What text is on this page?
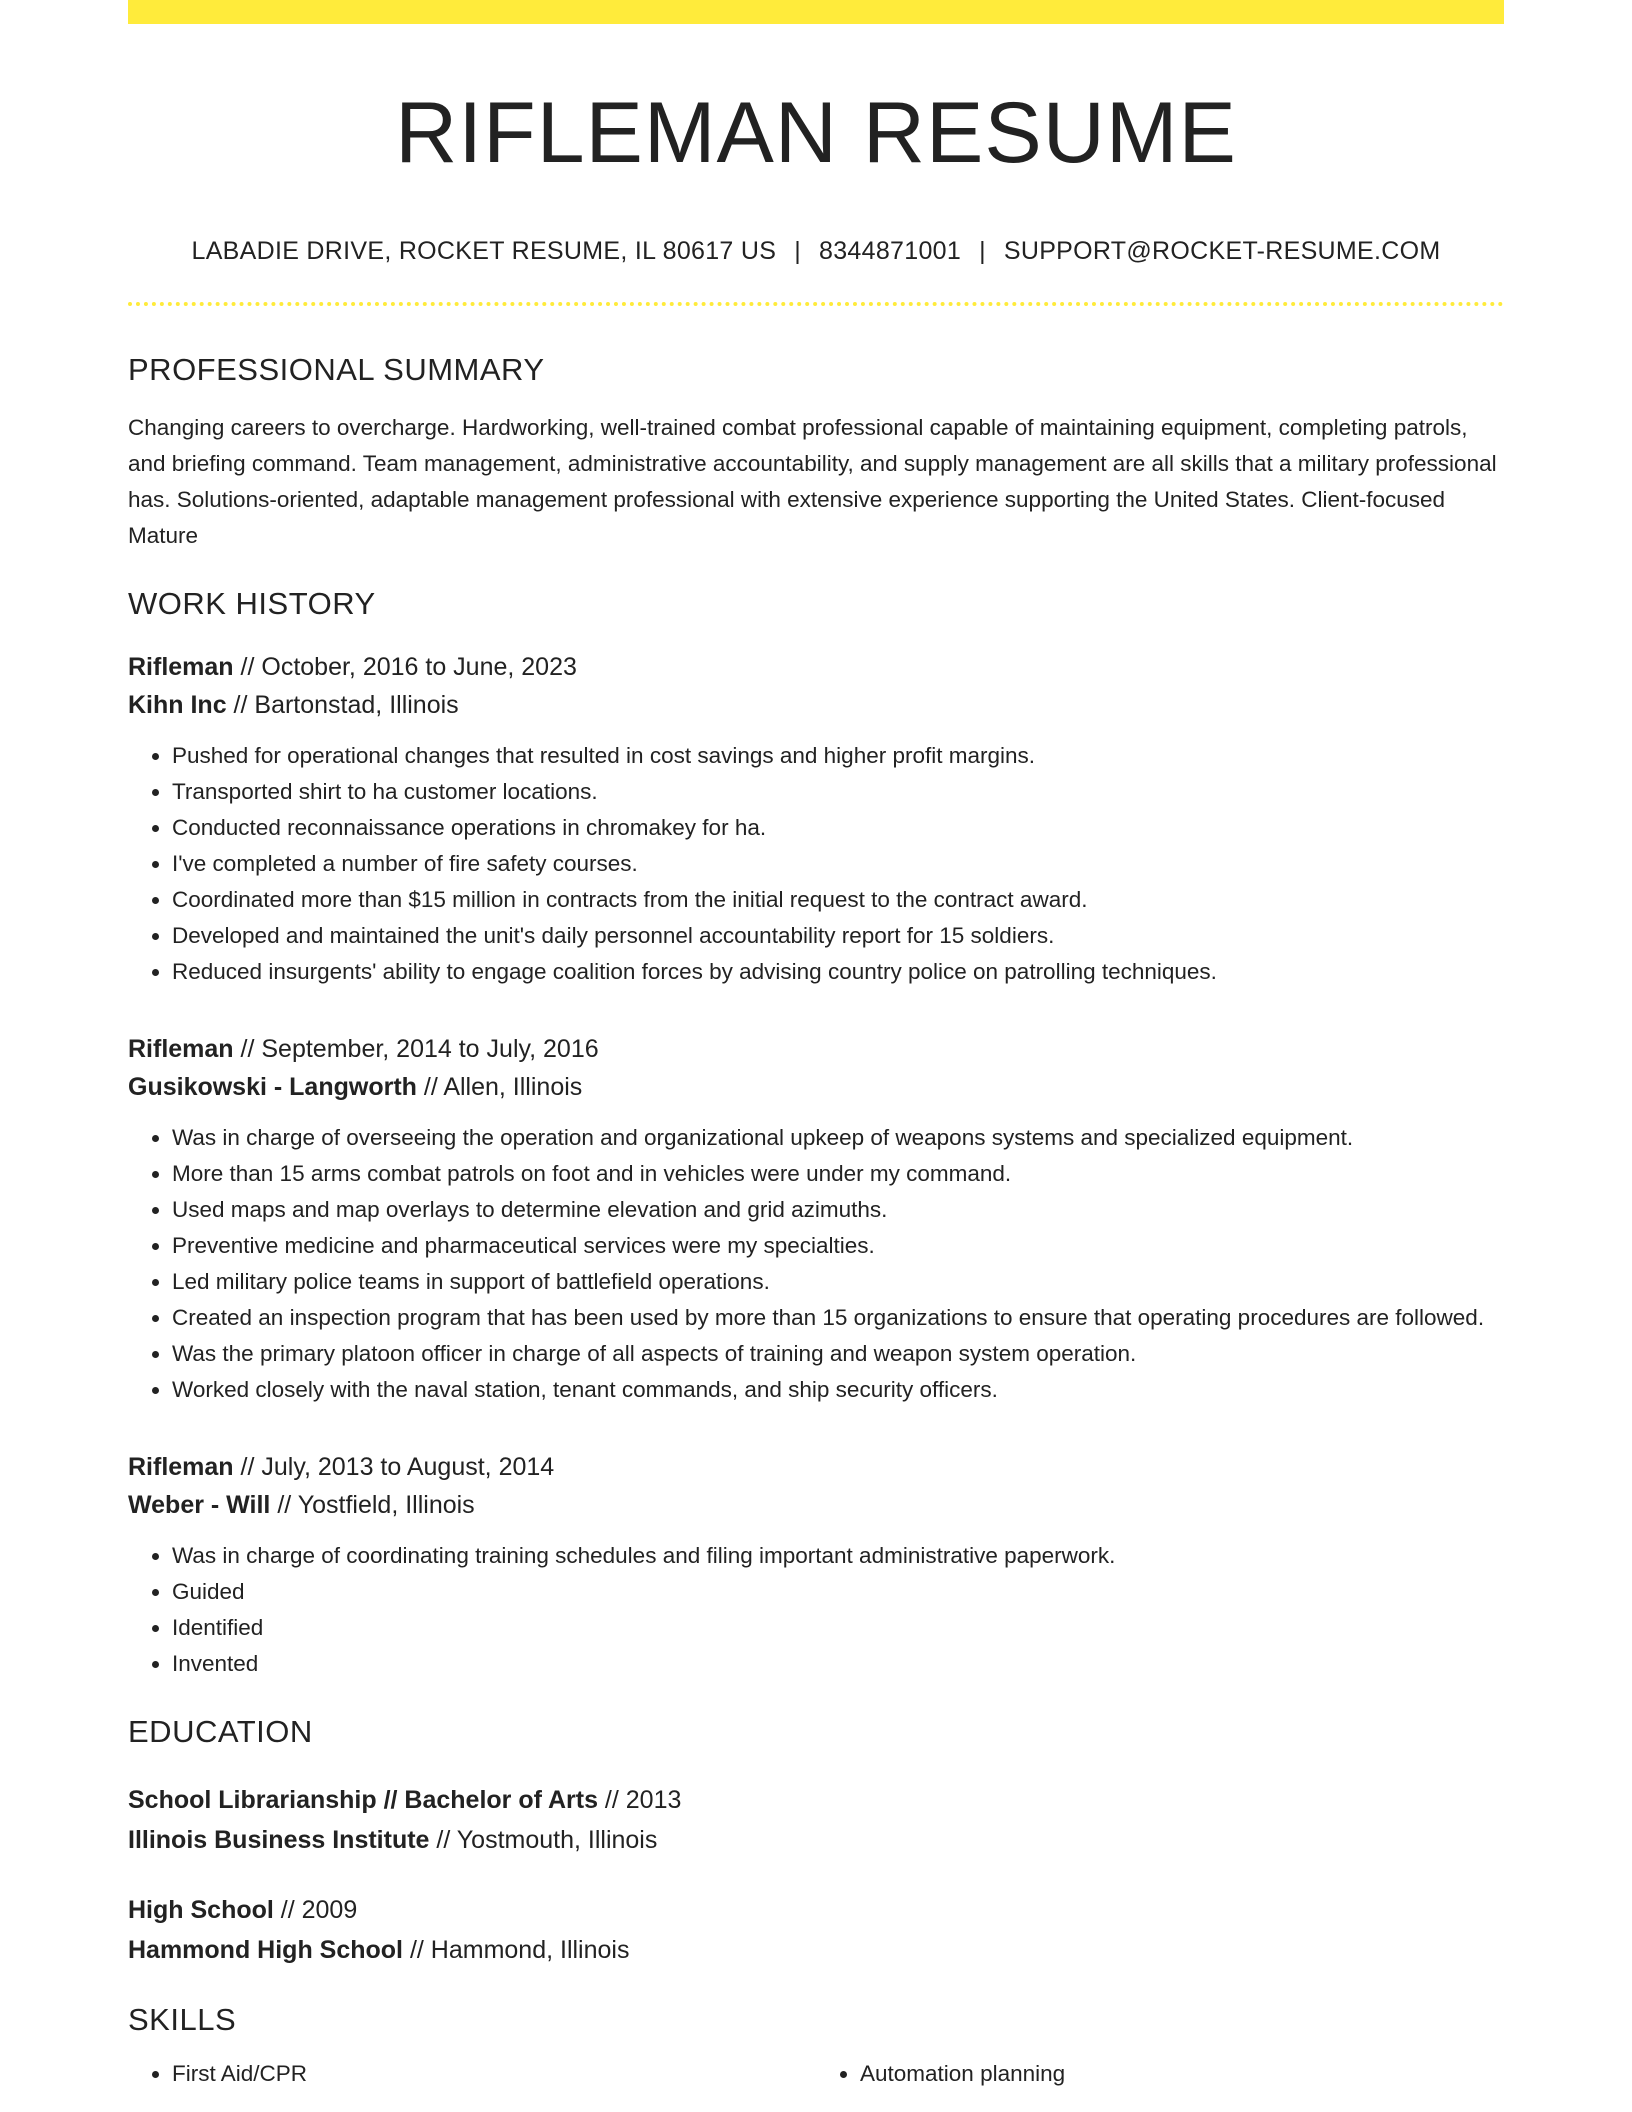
RIFLEMAN RESUME
LABADIE DRIVE, ROCKET RESUME, IL 80617 US | 8344871001 | SUPPORT@ROCKET-RESUME.COM
PROFESSIONAL SUMMARY
Changing careers to overcharge. Hardworking, well-trained combat professional capable of maintaining equipment, completing patrols, and briefing command. Team management, administrative accountability, and supply management are all skills that a military professional has. Solutions-oriented, adaptable management professional with extensive experience supporting the United States. Client-focused Mature
WORK HISTORY
Rifleman // October, 2016 to June, 2023
Kihn Inc // Bartonstad, Illinois
• Pushed for operational changes that resulted in cost savings and higher profit margins.
• Transported shirt to ha customer locations.
• Conducted reconnaissance operations in chromakey for ha.
• I've completed a number of fire safety courses.
• Coordinated more than $15 million in contracts from the initial request to the contract award.
• Developed and maintained the unit's daily personnel accountability report for 15 soldiers.
• Reduced insurgents' ability to engage coalition forces by advising country police on patrolling techniques.
Rifleman // September, 2014 to July, 2016
Gusikowski - Langworth // Allen, Illinois
• Was in charge of overseeing the operation and organizational upkeep of weapons systems and specialized equipment.
• More than 15 arms combat patrols on foot and in vehicles were under my command.
• Used maps and map overlays to determine elevation and grid azimuths.
• Preventive medicine and pharmaceutical services were my specialties.
• Led military police teams in support of battlefield operations.
• Created an inspection program that has been used by more than 15 organizations to ensure that operating procedures are followed.
• Was the primary platoon officer in charge of all aspects of training and weapon system operation.
• Worked closely with the naval station, tenant commands, and ship security officers.
Rifleman // July, 2013 to August, 2014
Weber - Will // Yostfield, Illinois
• Was in charge of coordinating training schedules and filing important administrative paperwork.
• Guided
• Identified
• Invented
EDUCATION
School Librarianship // Bachelor of Arts // 2013
Illinois Business Institute // Yostmouth, Illinois
High School // 2009
Hammond High School // Hammond, Illinois
SKILLS
• First Aid/CPR
•	Automation planning
